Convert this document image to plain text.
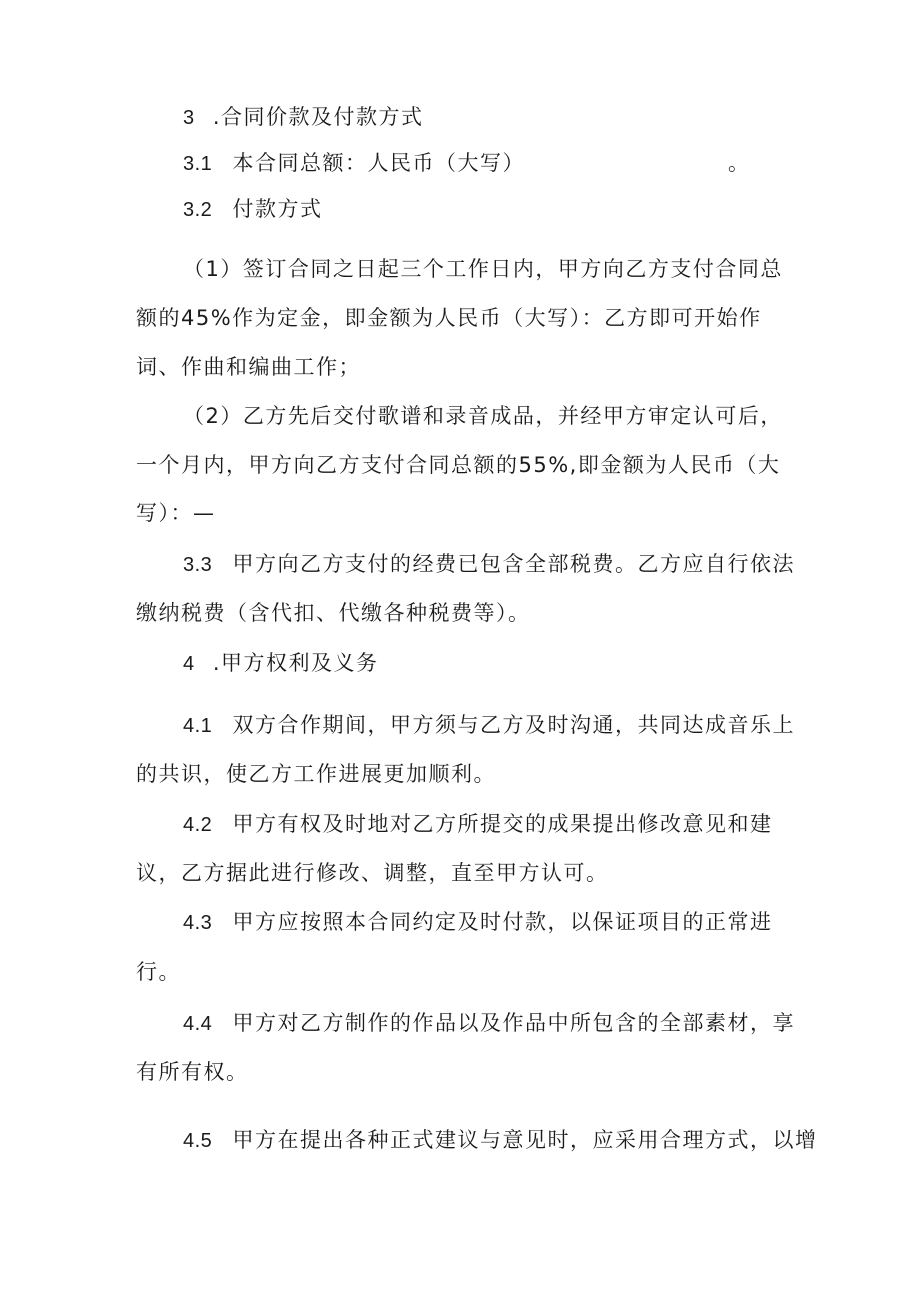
3 .合同价款及付款方式
3.1 本合同总额：人民币（大写）	。
3.2 付款方式
（1）签订合同之日起三个工作日内，甲方向乙方支付合同总
额的45%作为定金，即金额为人民币（大写）：乙方即可开始作
词、作曲和编曲工作；
（2）乙方先后交付歌谱和录音成品，并经甲方审定认可后，
一个月内，甲方向乙方支付合同总额的55%,即金额为人民币（大
写）：—
3.3 甲方向乙方支付的经费已包含全部税费。乙方应自行依法
缴纳税费（含代扣、代缴各种税费等）。
4 .甲方权利及义务
4.1 双方合作期间，甲方须与乙方及时沟通，共同达成音乐上
的共识，使乙方工作进展更加顺利。
4.2 甲方有权及时地对乙方所提交的成果提出修改意见和建
议，乙方据此进行修改、调整，直至甲方认可。
4.3 甲方应按照本合同约定及时付款，以保证项目的正常进
行。
4.4 甲方对乙方制作的作品以及作品中所包含的全部素材，享
有所有权。
4.5 甲方在提出各种正式建议与意见时，应采用合理方式，以增
